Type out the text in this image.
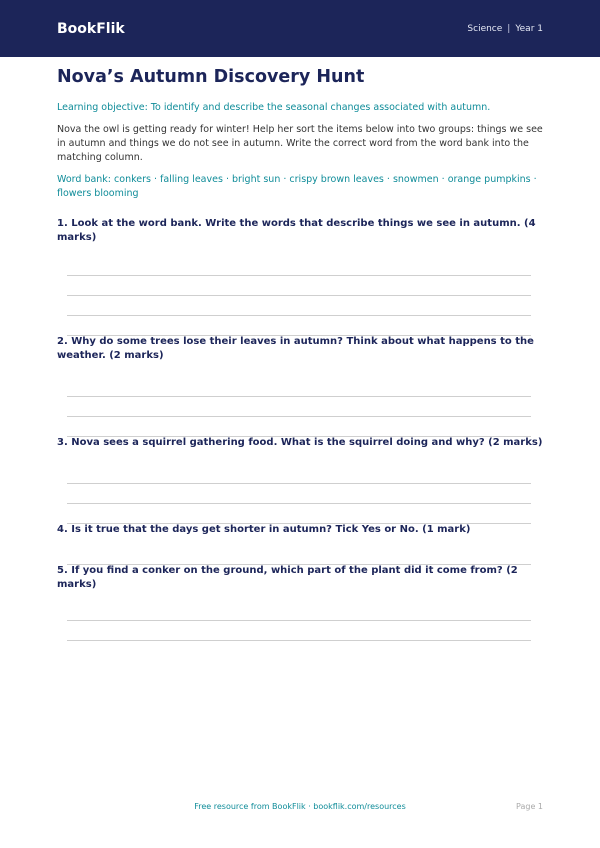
BookFlik	Science | Year 1
Nova’s Autumn Discovery Hunt

Learning objective: To identify and describe the seasonal changes associated with autumn.

Nova the owl is getting ready for winter! Help her sort the items below into two groups: things we see in autumn and things we do not see in autumn. Write the correct word from the word bank into the matching column.

Word bank: conkers · falling leaves · bright sun · crispy brown leaves · snowmen · orange pumpkins · flowers blooming

1. Look at the word bank. Write the words that describe things we see in autumn. (4 marks)

2. Why do some trees lose their leaves in autumn? Think about what happens to the weather. (2 marks)

3. Nova sees a squirrel gathering food. What is the squirrel doing and why? (2 marks)

4. Is it true that the days get shorter in autumn? Tick Yes or No. (1 mark)

5. If you find a conker on the ground, which part of the plant did it come from? (2 marks)

Free resource from BookFlik · bookflik.com/resources	Page 1
